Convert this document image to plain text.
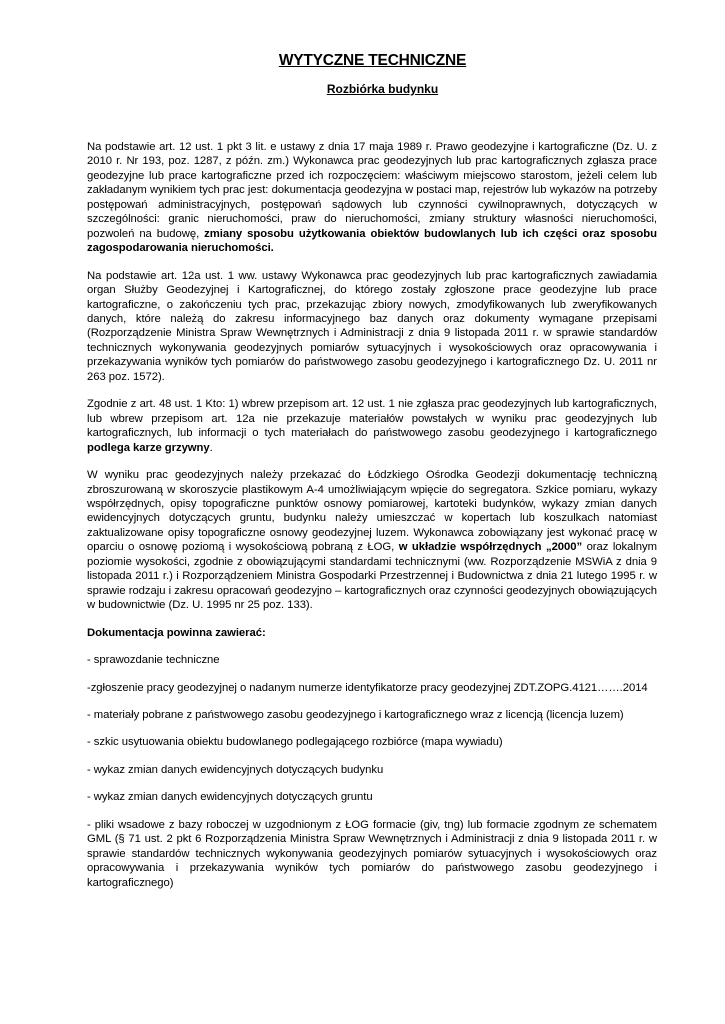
WYTYCZNE TECHNICZNE
Rozbiórka budynku

Na podstawie art. 12 ust. 1 pkt 3 lit. e ustawy z dnia 17 maja 1989 r. Prawo geodezyjne i kartograficzne (Dz. U. z 2010 r. Nr 193, poz. 1287, z późn. zm.) Wykonawca prac geodezyjnych lub prac kartograficznych zgłasza prace geodezyjne lub prace kartograficzne przed ich rozpoczęciem: właściwym miejscowo starostom, jeżeli celem lub zakładanym wynikiem tych prac jest: dokumentacja geodezyjna w postaci map, rejestrów lub wykazów na potrzeby postępowań administracyjnych, postępowań sądowych lub czynności cywilnoprawnych, dotyczących w szczególności: granic nieruchomości, praw do nieruchomości, zmiany struktury własności nieruchomości, pozwoleń na budowę, zmiany sposobu użytkowania obiektów budowlanych lub ich części oraz sposobu zagospodarowania nieruchomości.

Na podstawie art. 12a ust. 1 ww. ustawy Wykonawca prac geodezyjnych lub prac kartograficznych zawiadamia organ Służby Geodezyjnej i Kartograficznej, do którego zostały zgłoszone prace geodezyjne lub prace kartograficzne, o zakończeniu tych prac, przekazując zbiory nowych, zmodyfikowanych lub zweryfikowanych danych, które należą do zakresu informacyjnego baz danych oraz dokumenty wymagane przepisami (Rozporządzenie Ministra Spraw Wewnętrznych i Administracji z dnia 9 listopada 2011 r. w sprawie standardów technicznych wykonywania geodezyjnych pomiarów sytuacyjnych i wysokościowych oraz opracowywania i przekazywania wyników tych pomiarów do państwowego zasobu geodezyjnego i kartograficznego Dz. U. 2011 nr 263 poz. 1572).

Zgodnie z art. 48 ust. 1 Kto: 1) wbrew przepisom art. 12 ust. 1 nie zgłasza prac geodezyjnych lub kartograficznych, lub wbrew przepisom art. 12a nie przekazuje materiałów powstałych w wyniku prac geodezyjnych lub kartograficznych, lub informacji o tych materiałach do państwowego zasobu geodezyjnego i kartograficznego podlega karze grzywny.

W wyniku prac geodezyjnych należy przekazać do Łódzkiego Ośrodka Geodezji dokumentację techniczną zbroszurowaną w skoroszycie plastikowym A-4 umożliwiającym wpięcie do segregatora. Szkice pomiaru, wykazy współrzędnych, opisy topograficzne punktów osnowy pomiarowej, kartoteki budynków, wykazy zmian danych ewidencyjnych dotyczących gruntu, budynku należy umieszczać w kopertach lub koszulkach natomiast zaktualizowane opisy topograficzne osnowy geodezyjnej luzem. Wykonawca zobowiązany jest wykonać pracę w oparciu o osnowę poziomą i wysokościową pobraną z ŁOG, w układzie współrzędnych „2000” oraz lokalnym poziomie wysokości, zgodnie z obowiązującymi standardami technicznymi (ww. Rozporządzenie MSWiA z dnia 9 listopada 2011 r.) i Rozporządzeniem Ministra Gospodarki Przestrzennej i Budownictwa z dnia 21 lutego 1995 r. w sprawie rodzaju i zakresu opracowań geodezyjno – kartograficznych oraz czynności geodezyjnych obowiązujących w budownictwie (Dz. U. 1995 nr 25 poz. 133).

Dokumentacja powinna zawierać:

- sprawozdanie techniczne

-zgłoszenie pracy geodezyjnej o nadanym numerze identyfikatorze pracy geodezyjnej ZDT.ZOPG.4121…….2014

- materiały pobrane z państwowego zasobu geodezyjnego i kartograficznego wraz z licencją (licencja luzem)

- szkic usytuowania obiektu budowlanego podlegającego rozbiórce (mapa wywiadu)

- wykaz zmian danych ewidencyjnych dotyczących budynku

- wykaz zmian danych ewidencyjnych dotyczących gruntu

- pliki wsadowe z bazy roboczej w uzgodnionym z ŁOG formacie (giv, tng) lub formacie zgodnym ze schematem GML (§ 71 ust. 2 pkt 6 Rozporządzenia Ministra Spraw Wewnętrznych i Administracji z dnia 9 listopada 2011 r. w sprawie standardów technicznych wykonywania geodezyjnych pomiarów sytuacyjnych i wysokościowych oraz opracowywania i przekazywania wyników tych pomiarów do państwowego zasobu geodezyjnego i kartograficznego)
